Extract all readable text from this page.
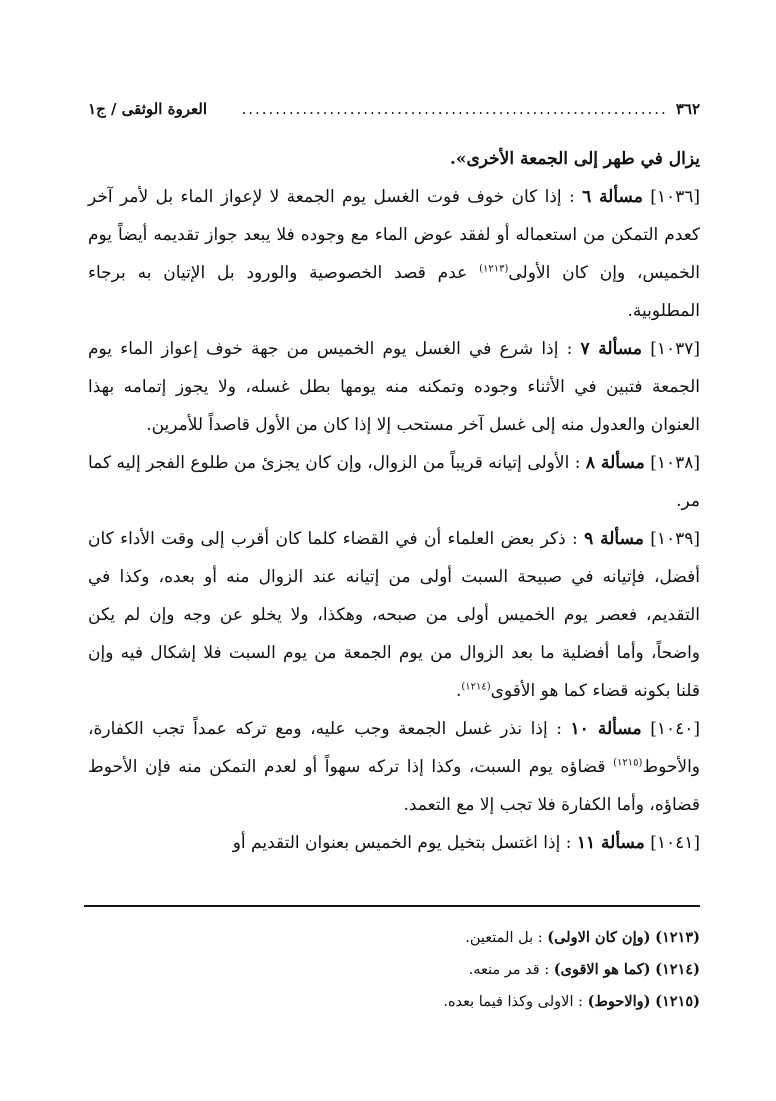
٣٦٢
...............................................................
العروة الوثقى / ج١

يزال في طهر إلى الجمعة الأخرى».

[١٠٣٦] مسألة ٦ : إذا كان خوف فوت الغسل يوم الجمعة لا لإعواز الماء بل لأمر آخر كعدم التمكن من استعماله أو لفقد عوض الماء مع وجوده فلا يبعد جواز تقديمه أيضاً يوم الخميس، وإن كان الأولى$^{(١٢١٣)}$ عدم قصد الخصوصية والورود بل الإتيان به برجاء المطلوبية.

[١٠٣٧] مسألة ٧ : إذا شرع في الغسل يوم الخميس من جهة خوف إعواز الماء يوم الجمعة فتبين في الأثناء وجوده وتمكنه منه يومها بطل غسله، ولا يجوز إتمامه بهذا العنوان والعدول منه إلى غسل آخر مستحب إلا إذا كان من الأول قاصداً للأمرين.

[١٠٣٨] مسألة ٨ : الأولى إتيانه قريباً من الزوال، وإن كان يجزئ من طلوع الفجر إليه كما مر.

[١٠٣٩] مسألة ٩ : ذكر بعض العلماء أن في القضاء كلما كان أقرب إلى وقت الأداء كان أفضل، فإتيانه في صبيحة السبت أولى من إتيانه عند الزوال منه أو بعده، وكذا في التقديم، فعصر يوم الخميس أولى من صبحه، وهكذا، ولا يخلو عن وجه وإن لم يكن واضحاً، وأما أفضلية ما بعد الزوال من يوم الجمعة من يوم السبت فلا إشكال فيه وإن قلنا بكونه قضاء كما هو الأقوى$^{(١٢١٤)}$.

[١٠٤٠] مسألة ١٠ : إذا نذر غسل الجمعة وجب عليه، ومع تركه عمداً تجب الكفارة، والأحوط$^{(١٢١٥)}$ قضاؤه يوم السبت، وكذا إذا تركه سهواً أو لعدم التمكن منه فإن الأحوط قضاؤه، وأما الكفارة فلا تجب إلا مع التعمد.

[١٠٤١] مسألة ١١ : إذا اغتسل بتخيل يوم الخميس بعنوان التقديم أو

(١٢١٣) (وإن كان الاولى) : بل المتعين.

(١٢١٤) (كما هو الاقوى) : قد مر منعه.

(١٢١٥) (والاحوط) : الاولى وكذا فيما بعده.
